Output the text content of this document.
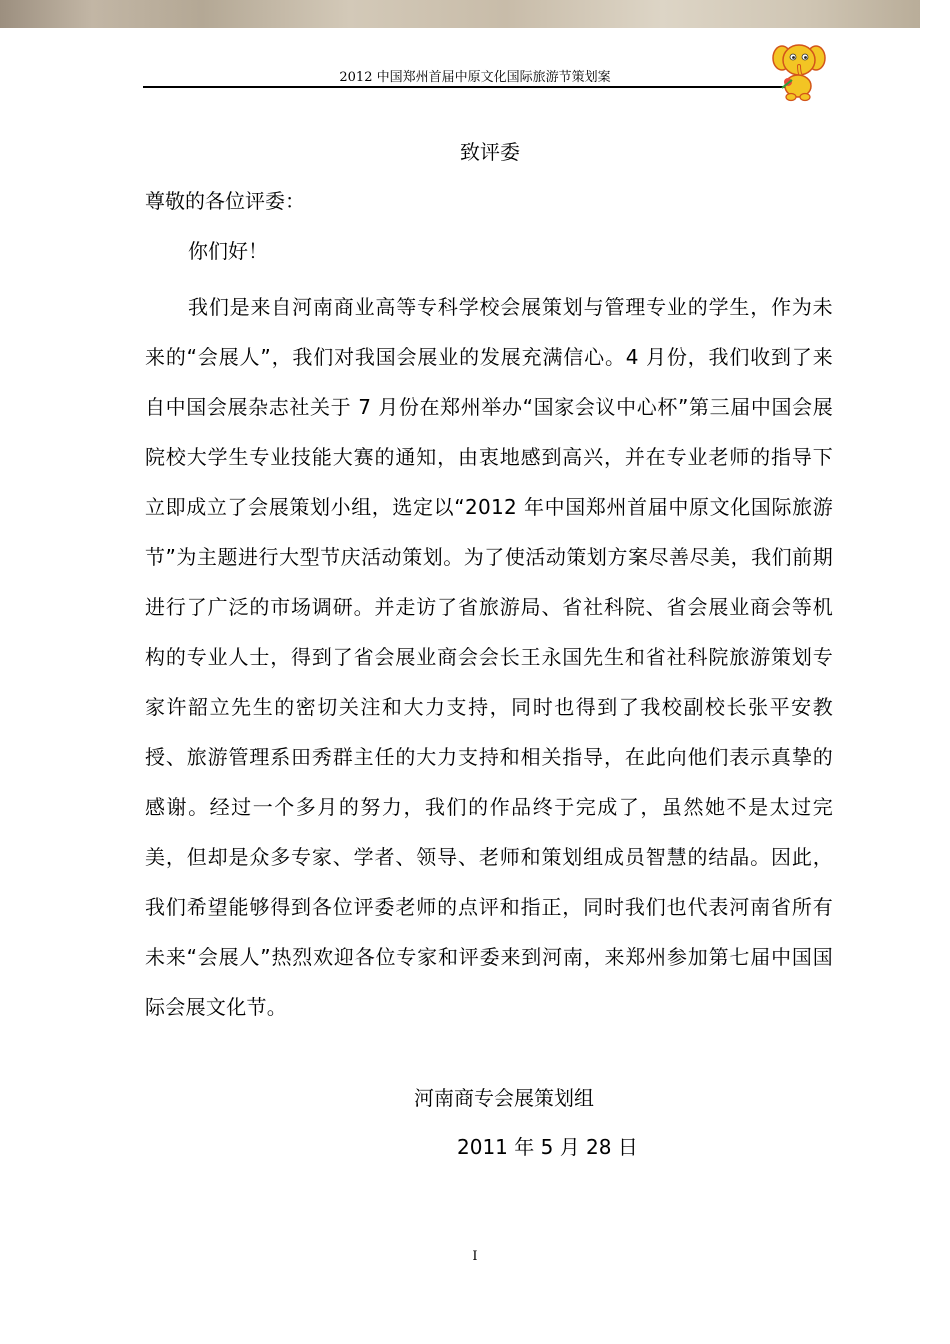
2012 中国郑州首届中原文化国际旅游节策划案
致评委
尊敬的各位评委：
你们好！

我们是来自河南商业高等专科学校会展策划与管理专业的学生，作为未来的“会展人”，我们对我国会展业的发展充满信心。4 月份，我们收到了来自中国会展杂志社关于 7 月份在郑州举办“国家会议中心杯”第三届中国会展院校大学生专业技能大赛的通知，由衷地感到高兴，并在专业老师的指导下立即成立了会展策划小组，选定以“2012 年中国郑州首届中原文化国际旅游节”为主题进行大型节庆活动策划。为了使活动策划方案尽善尽美，我们前期进行了广泛的市场调研。并走访了省旅游局、省社科院、省会展业商会等机构的专业人士，得到了省会展业商会会长王永国先生和省社科院旅游策划专家许韶立先生的密切关注和大力支持，同时也得到了我校副校长张平安教授、旅游管理系田秀群主任的大力支持和相关指导，在此向他们表示真挚的感谢。经过一个多月的努力，我们的作品终于完成了，虽然她不是太过完美，但却是众多专家、学者、领导、老师和策划组成员智慧的结晶。因此，我们希望能够得到各位评委老师的点评和指正，同时我们也代表河南省所有未来“会展人”热烈欢迎各位专家和评委来到河南，来郑州参加第七届中国国际会展文化节。

河南商专会展策划组
2011 年 5 月 28 日
I
